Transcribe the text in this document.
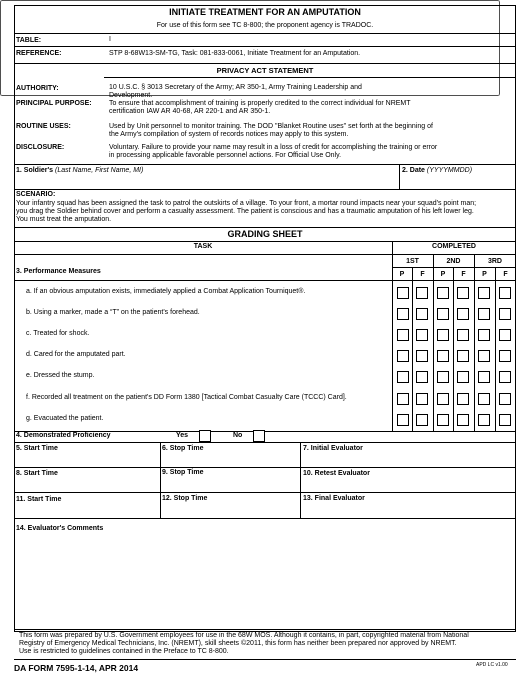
INITIATE TREATMENT FOR AN AMPUTATION
For use of this form see TC 8-800; the proponent agency is TRADOC.
TABLE:	I
REFERENCE:	STP 8-68W13-SM-TG, Task: 081-833-0061, Initiate Treatment for an Amputation.
PRIVACY ACT STATEMENT
AUTHORITY:	10 U.S.C. § 3013 Secretary of the Army; AR 350-1, Army Training Leadership and
Development.
PRINCIPAL PURPOSE: To ensure that accomplishment of training is properly credited to the correct individual for NREMT
certification IAW AR 40-68, AR 220-1 and AR 350-1.
ROUTINE USES:	Used by Unit personnel to monitor training. The DOD "Blanket Routine uses" set forth at the beginning of
the Army's compilation of system of records notices may apply to this system.
DISCLOSURE:	Voluntary. Failure to provide your name may result in a loss of credit for accomplishing the training or error
in processing applicable favorable personnel actions. For Official Use Only.
1. Soldier's (Last Name, First Name, MI)	2. Date (YYYYMMDD)
SCENARIO:
Your infantry squad has been assigned the task to patrol the outskirts of a village. To your front, a mortar round impacts near your squad's point man;
you drag the Soldier behind cover and perform a casualty assessment. The patient is conscious and has a traumatic amputation of his left lower leg.
You must treat the amputation.
GRADING SHEET
TASK	COMPLETED
1ST	2ND	3RD
P	F	P	F	P	F
3. Performance Measures
a. If an obvious amputation exists, immediately applied a Combat Application Tourniquet®.
b. Using a marker, made a “T” on the patient's forehead.
c. Treated for shock.
d. Cared for the amputated part.
e. Dressed the stump.
f. Recorded all treatment on the patient's DD Form 1380 [Tactical Combat Casualty Care (TCCC) Card].
g. Evacuated the patient.
4. Demonstrated Proficiency	Yes	No
5. Start Time	6. Stop Time	7. Initial Evaluator
8. Start Time	9. Stop Time	10. Retest Evaluator
11. Start Time	12. Stop Time	13. Final Evaluator
14. Evaluator's Comments
This form was prepared by U.S. Government employees for use in the 68W MOS. Although it contains, in part, copyrighted material from National
Registry of Emergency Medical Technicians, Inc. (NREMT), skill sheets ©2011, this form has neither been prepared nor approved by NREMT.
Use is restricted to guidelines contained in the Preface to TC 8-800.
DA FORM 7595-1-14, APR 2014	APD LC v1.00
